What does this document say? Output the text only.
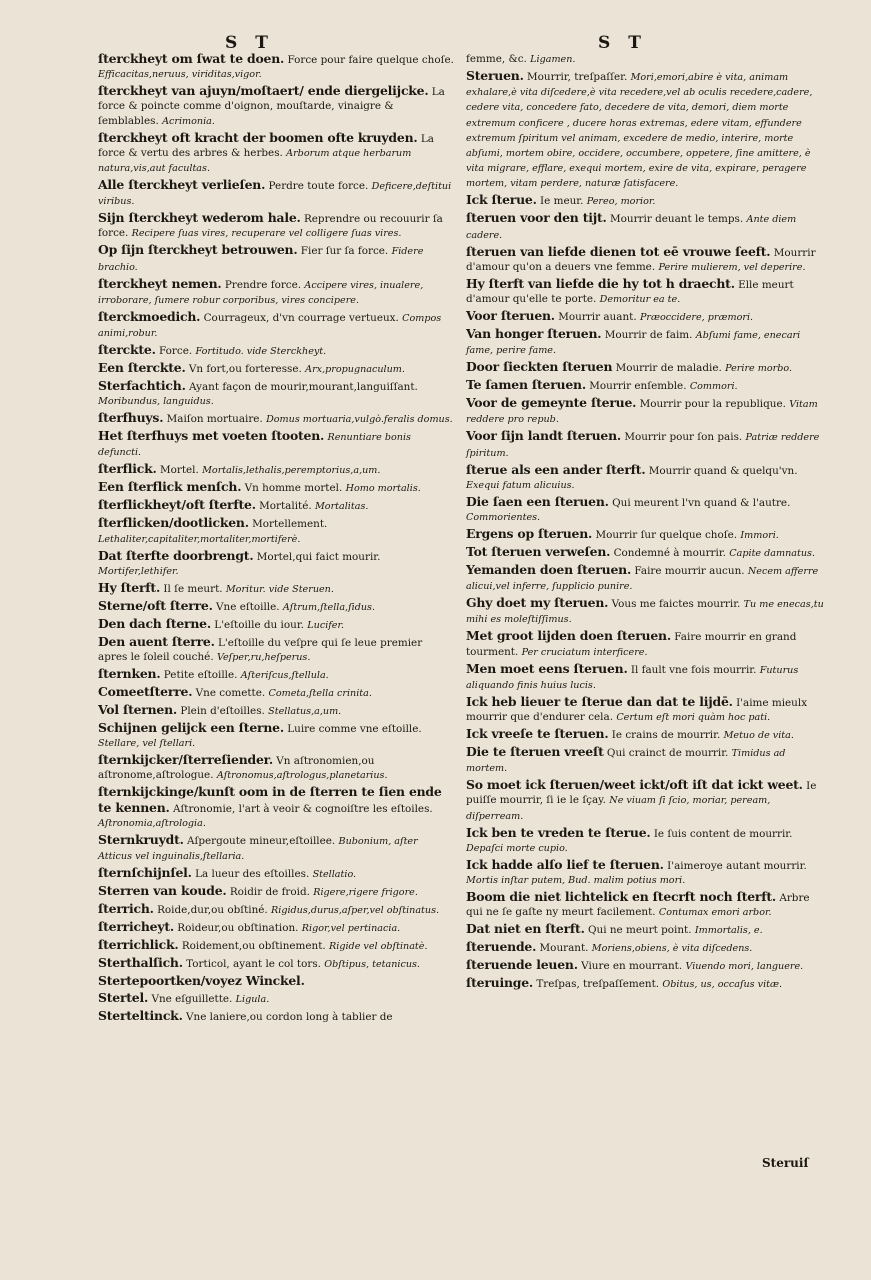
S T	S T
ſterckheyt om ſwat te doen. Force pour faire quelque choſe. Efficacitas,neruus, viriditas,vigor.
ſterckheyt van ajuyn/moſtaert/ ende diergelijcke. La force & poincte comme d'oignon, mouſtarde, vinaigre & ſemblables. Acrimonia.
ſterckheyt oft kracht der boomen ofte kruyden. La force & vertu des arbres & herbes. Arborum atque herbarum natura,vis,aut facultas.
Alle ſterckheyt verlieſen. Perdre toute force. Deficere,deſtitui viribus.
Sijn ſterckheyt wederom hale. Reprendre ou recouurir ſa force. Recipere ſuas vires, recuperare vel colligere ſuas vires.
Op ſijn ſterckheyt betrouwen. Fier ſur ſa force. Fidere brachio.
ſterckheyt nemen. Prendre force. Accipere vires, inualere, irroborare, ſumere robur corporibus, vires concipere.
ſterckmoedich. Courrageux, d'vn courrage vertueux. Compos animi,robur.
ſterckte. Force. Fortitudo. vide Sterckheyt.
Een ſterckte. Vn fort,ou forteresse. Arx,propugnaculum.
Sterfachtich. Ayant façon de mourir,mourant,languiſſant. Moribundus, languidus.
ſterfhuys. Maiſon mortuaire. Domus mortuaria,vulgò.feralis domus.
Het ſterfhuys met voeten ſtooten. Renuntiare bonis defuncti.
ſterflick. Mortel. Mortalis,lethalis,peremptorius,a,um.
Een ſterflick menſch. Vn homme mortel. Homo mortalis.
ſterflickheyt/oft ſterfte. Mortalité. Mortalitas.
ſterflicken/dootlicken. Mortellement. Lethaliter,capitaliter,mortaliter,mortiferè.
Dat ſterfte doorbrengt. Mortel,qui faict mourir. Mortifer,lethifer.
Hy ſterft. Il ſe meurt. Moritur. vide Steruen.
Sterne/oft ſterre. Vne eſtoille. Aſtrum,ſtella,ſidus.
Den dach ſterne. L'eſtoille du iour. Lucifer.
Den auent ſterre. L'eſtoille du veſpre qui ſe leue premier apres le ſoleil couché. Veſper,ru,heſperus.
ſternken. Petite eſtoille. Aſteriſcus,ſtellula.
Comeetſterre. Vne comette. Cometa,ſtella crinita.
Vol ſternen. Plein d'eſtoilles. Stellatus,a,um.
Schijnen gelijck een ſterne. Luire comme vne eſtoille. Stellare, vel ſtellari.
ſternkijcker/ſterreſiender. Vn aſtronomien,ou aſtronome,aſtrologue. Aſtronomus,aſtrologus,planetarius.
ſternkijckinge/kunſt oom in de ſterren te ſien ende te kennen. Aſtronomie, l'art à veoir & cognoiſtre les eſtoiles. Aſtronomia,aſtrologia.
Sternkruydt. Aſpergoute mineur,eſtoillee. Bubonium, aſter Atticus vel inguinalis,ſtellaria.
ſternſchijnſel. La lueur des eſtoilles. Stellatio.
Sterren van koude. Roidir de froid. Rigere,rigere frigore.
ſterrich. Roide,dur,ou obſtiné. Rigidus,durus,aſper,vel obſtinatus.
ſterricheyt. Roideur,ou obſtination. Rigor,vel pertinacia.
ſterrichlick. Roidement,ou obſtinement. Rigide vel obſtinatè.
Sterthalſich. Torticol, ayant le col tors. Obſtipus, tetanicus.
Stertepoortken/voyez Winckel.
Stertel. Vne eſguillette. Ligula.
Sterteltinck. Vne laniere,ou cordon long à tablier de
femme, &c. Ligamen.
Steruen. Mourrir, treſpaſſer. Mori,emori,abire è vita, animam exhalare,è vita diſcedere,è vita recedere,vel ab oculis recedere,cadere, cedere vita, concedere fato, decedere de vita, demori, diem morte extremum conficere , ducere horas extremas, edere vitam, effundere extremum ſpiritum vel animam, excedere de medio, interire, morte abſumi, mortem obire, occidere, occumbere, oppetere, ſine amittere, è vita migrare, efflare, exequi mortem, exire de vita, expirare, peragere mortem, vitam perdere, naturæ ſatisfacere.
Ick ſterue. Ie meur. Pereo, morior.
ſteruen voor den tijt. Mourrir deuant le temps. Ante diem cadere.
ſteruen van liefde dienen tot eē vrouwe ſeeft. Mourrir d'amour qu'on a deuers vne femme. Perire mulierem, vel deperire.
Hy ſterft van liefde die hy tot h draecht. Elle meurt d'amour qu'elle te porte. Demoritur ea te.
Voor ſteruen. Mourrir auant. Præoccidere, præmori.
Van honger ſteruen. Mourrir de faim. Abſumi fame, enecari fame, perire fame.
Door ſieckten ſteruen Mourrir de maladie. Perire morbo.
Te ſamen ſteruen. Mourrir enſemble. Commori.
Voor de gemeynte ſterue. Mourrir pour la republique. Vitam reddere pro repub.
Voor ſijn landt ſteruen. Mourrir pour ſon pais. Patriæ reddere ſpiritum.
ſterue als een ander ſterft. Mourrir quand & quelqu'vn. Exequi fatum alicuius.
Die ſaen een ſteruen. Qui meurent l'vn quand & l'autre. Commorientes.
Ergens op ſteruen. Mourrir ſur quelque choſe. Immori.
Tot ſteruen verweſen. Condemné à mourrir. Capite damnatus.
Yemanden doen ſteruen. Faire mourrir aucun. Necem afferre alicui,vel inferre, ſupplicio punire.
Ghy doet my ſteruen. Vous me faictes mourrir. Tu me enecas,tu mihi es moleſtiſſimus.
Met groot lijden doen ſteruen. Faire mourrir en grand tourment. Per cruciatum interficere.
Men moet eens ſteruen. Il fault vne fois mourrir. Futurus aliquando finis huius lucis.
Ick heb lieuer te ſterue dan dat te lijdē. I'aime mieulx mourrir que d'endurer cela. Certum eſt mori quàm hoc pati.
Ick vreeſe te ſteruen. Ie crains de mourrir. Metuo de vita.
Die te ſteruen vreeſt Qui crainct de mourrir. Timidus ad mortem.
So moet ick ſteruen/weet ickt/oft iſt dat ickt weet. Ie puiſſe mourrir, ſi ie le ſçay. Ne viuam ſi ſcio, moriar, peream, diſperream.
Ick ben te vreden te ſterue. Ie ſuis content de mourrir. Depaſci morte cupio.
Ick hadde alſo lief te ſteruen. I'aimeroye autant mourrir. Mortis inſtar putem, Bud. malim potius mori.
Boom die niet lichtelick en ſtecrft noch ſterft. Arbre qui ne ſe gaſte ny meurt facilement. Contumax emori arbor.
Dat niet en ſterft. Qui ne meurt point. Immortalis, e.
ſteruende. Mourant. Moriens,obiens, è vita diſcedens.
ſteruende leuen. Viure en mourrant. Viuendo mori, languere.
ſteruinge. Treſpas, treſpaſſement. Obitus, us, occaſus vitæ.
Steruiſ
